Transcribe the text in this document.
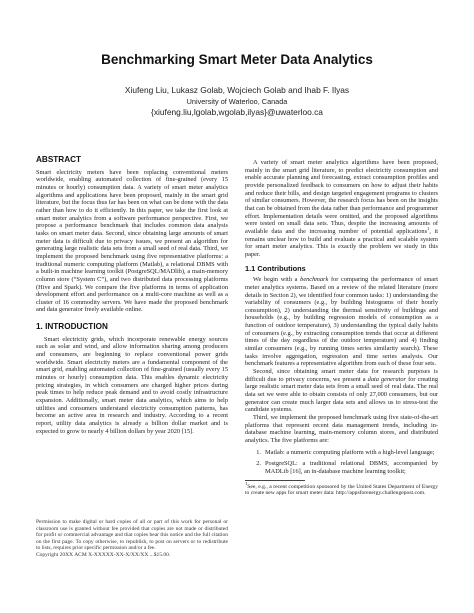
Benchmarking Smart Meter Data Analytics
Xiufeng Liu, Lukasz Golab, Wojciech Golab and Ihab F. Ilyas
University of Waterloo, Canada
{xiufeng.liu,lgolab,wgolab,ilyas}@uwaterloo.ca
ABSTRACT

Smart electricity meters have been replacing conventional meters worldwide, enabling automated collection of fine-grained (every 15 minutes or hourly) consumption data. A variety of smart meter analytics algorithms and applications have been proposed, mainly in the smart grid literature, but the focus thus far has been on what can be done with the data rather than how to do it efficiently. In this paper, we take the first look at smart meter analytics from a software performance perspective. First, we propose a performance benchmark that includes common data analysis tasks on smart meter data. Second, since obtaining large amounts of smart meter data is difficult due to privacy issues, we present an algorithm for generating large realistic data sets from a small seed of real data. Third, we implement the proposed benchmark using five representative platforms: a traditional numeric computing platform (Matlab), a relational DBMS with a built-in machine learning toolkit (PostgreSQL/MADlib), a main-memory column store (“System C”), and two distributed data processing platforms (Hive and Spark). We compare the five platforms in terms of application development effort and performance on a multi-core machine as well as a cluster of 16 commodity servers. We have made the proposed benchmark and data generator freely available online.

1. INTRODUCTION

Smart electricity grids, which incorporate renewable energy sources such as solar and wind, and allow information sharing among producers and consumers, are beginning to replace conventional power grids worldwide. Smart electricity meters are a fundamental component of the smart grid, enabling automated collection of fine-grained (usually every 15 minutes or hourly) consumption data. This enables dynamic electricity pricing strategies, in which consumers are charged higher prices during peak times to help reduce peak demand and to avoid costly infrastructure expansion. Additionally, smart meter data analytics, which aims to help utilities and consumers understand electricity consumption patterns, has become an active area in research and industry. According to a recent report, utility data analytics is already a billion dollar market and is expected to grow to nearly 4 billion dollars by year 2020 [15].

Permission to make digital or hard copies of all or part of this work for personal or classroom use is granted without fee provided that copies are not made or distributed for profit or commercial advantage and that copies bear this notice and the full citation on the first page. To copy otherwise, to republish, to post on servers or to redistribute to lists, requires prior specific permission and/or a fee.

Copyright 20XX ACM X-XXXXX-XX-X/XX/XX ...$15.00.

A variety of smart meter analytics algorithms have been proposed, mainly in the smart grid literature, to predict electricity consumption and enable accurate planning and forecasting, extract consumption profiles and provide personalized feedback to consumers on how to adjust their habits and reduce their bills, and design targeted engagement programs to clusters of similar consumers. However, the research focus has been on the insights that can be obtained from the data rather than performance and programmer effort. Implementation details were omitted, and the proposed algorithms were tested on small data sets. Thus, despite the increasing amounts of available data and the increasing number of potential applications$^1$, it remains unclear how to build and evaluate a practical and scalable system for smart meter analytics. This is exactly the problem we study in this paper.

1.1 Contributions

We begin with a benchmark for comparing the performance of smart meter analytics systems. Based on a review of the related literature (more details in Section 2), we identified four common tasks: 1) understanding the variability of consumers (e.g., by building histograms of their hourly consumption), 2) understanding the thermal sensitivity of buildings and households (e.g., by building regression models of consumption as a function of outdoor temperature), 3) understanding the typical daily habits of consumers (e.g., by extracting consumption trends that occur at different times of the day regardless of the outdoor temperature) and 4) finding similar consumers (e.g., by running times series similarity search). These tasks involve aggregation, regression and time series analysis. Our benchmark features a representative algorithm from each of these four sets.

Second, since obtaining smart meter data for research purposes is difficult due to privacy concerns, we present a data generator for creating large realistic smart meter data sets from a small seed of real data. The real data set we were able to obtain consists of only 27,000 consumers, but our generator can create much larger data sets and allows us to stress-test the candidate systems.

Third, we implement the proposed benchmark using five state-of-the-art platforms that represent recent data management trends, including in-database machine learning, main-memory column stores, and distributed analytics. The five platforms are:

1. Matlab: a numeric computing platform with a high-level language;
2. PostgreSQL: a traditional relational DBMS, accompanied by MADLib [16], an in-database machine learning toolkit;

$^1$See, e.g., a recent competition sponsored by the United States Department of Energy to create new apps for smart meter data: http://appsforenergy.challengepost.com.
